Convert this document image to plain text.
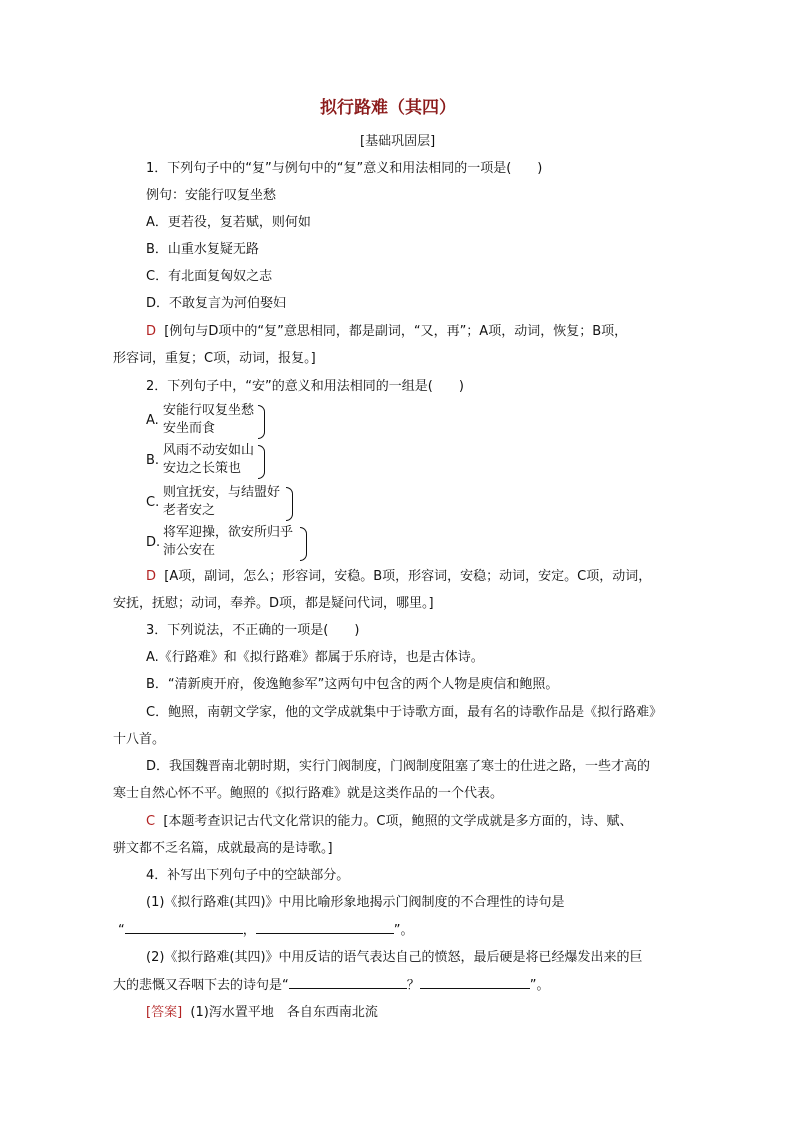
拟行路难（其四）
[基础巩固层]
1．下列句子中的“复”与例句中的“复”意义和用法相同的一项是(　　)
例句：安能行叹复坐愁
A．更若役，复若赋，则何如
B．山重水复疑无路
C．有北面复匈奴之志
D．不敢复言为河伯娶妇
D [例句与D项中的“复”意思相同，都是副词，“又，再”；A项，动词，恢复；B项，
形容词，重复；C项，动词，报复。]
2．下列句子中，“安”的意义和用法相同的一组是(　　)
A.
安能行叹复坐愁
安坐而食
B.
风雨不动安如山
安边之长策也
C.
则宜抚安，与结盟好
老者安之
D.
将军迎操，欲安所归乎
沛公安在
D [A项，副词，怎么；形容词，安稳。B项，形容词，安稳；动词，安定。C项，动词，
安抚，抚慰；动词，奉养。D项，都是疑问代词，哪里。]
3．下列说法，不正确的一项是(　　)
A.《行路难》和《拟行路难》都属于乐府诗，也是古体诗。
B．“清新庾开府，俊逸鲍参军”这两句中包含的两个人物是庾信和鲍照。
C．鲍照，南朝文学家，他的文学成就集中于诗歌方面，最有名的诗歌作品是《拟行路难》
十八首。
D．我国魏晋南北朝时期，实行门阀制度，门阀制度阻塞了寒士的仕进之路，一些才高的
寒士自然心怀不平。鲍照的《拟行路难》就是这类作品的一个代表。
C [本题考查识记古代文化常识的能力。C项，鲍照的文学成就是多方面的，诗、赋、
骈文都不乏名篇，成就最高的是诗歌。]
4．补写出下列句子中的空缺部分。
(1)《拟行路难(其四)》中用比喻形象地揭示门阀制度的不合理性的诗句是
“	，	”。
(2)《拟行路难(其四)》中用反诘的语气表达自己的愤怒，最后硬是将已经爆发出来的巨
大的悲慨又吞咽下去的诗句是“	？	”。
[答案] (1)泻水置平地　各自东西南北流
